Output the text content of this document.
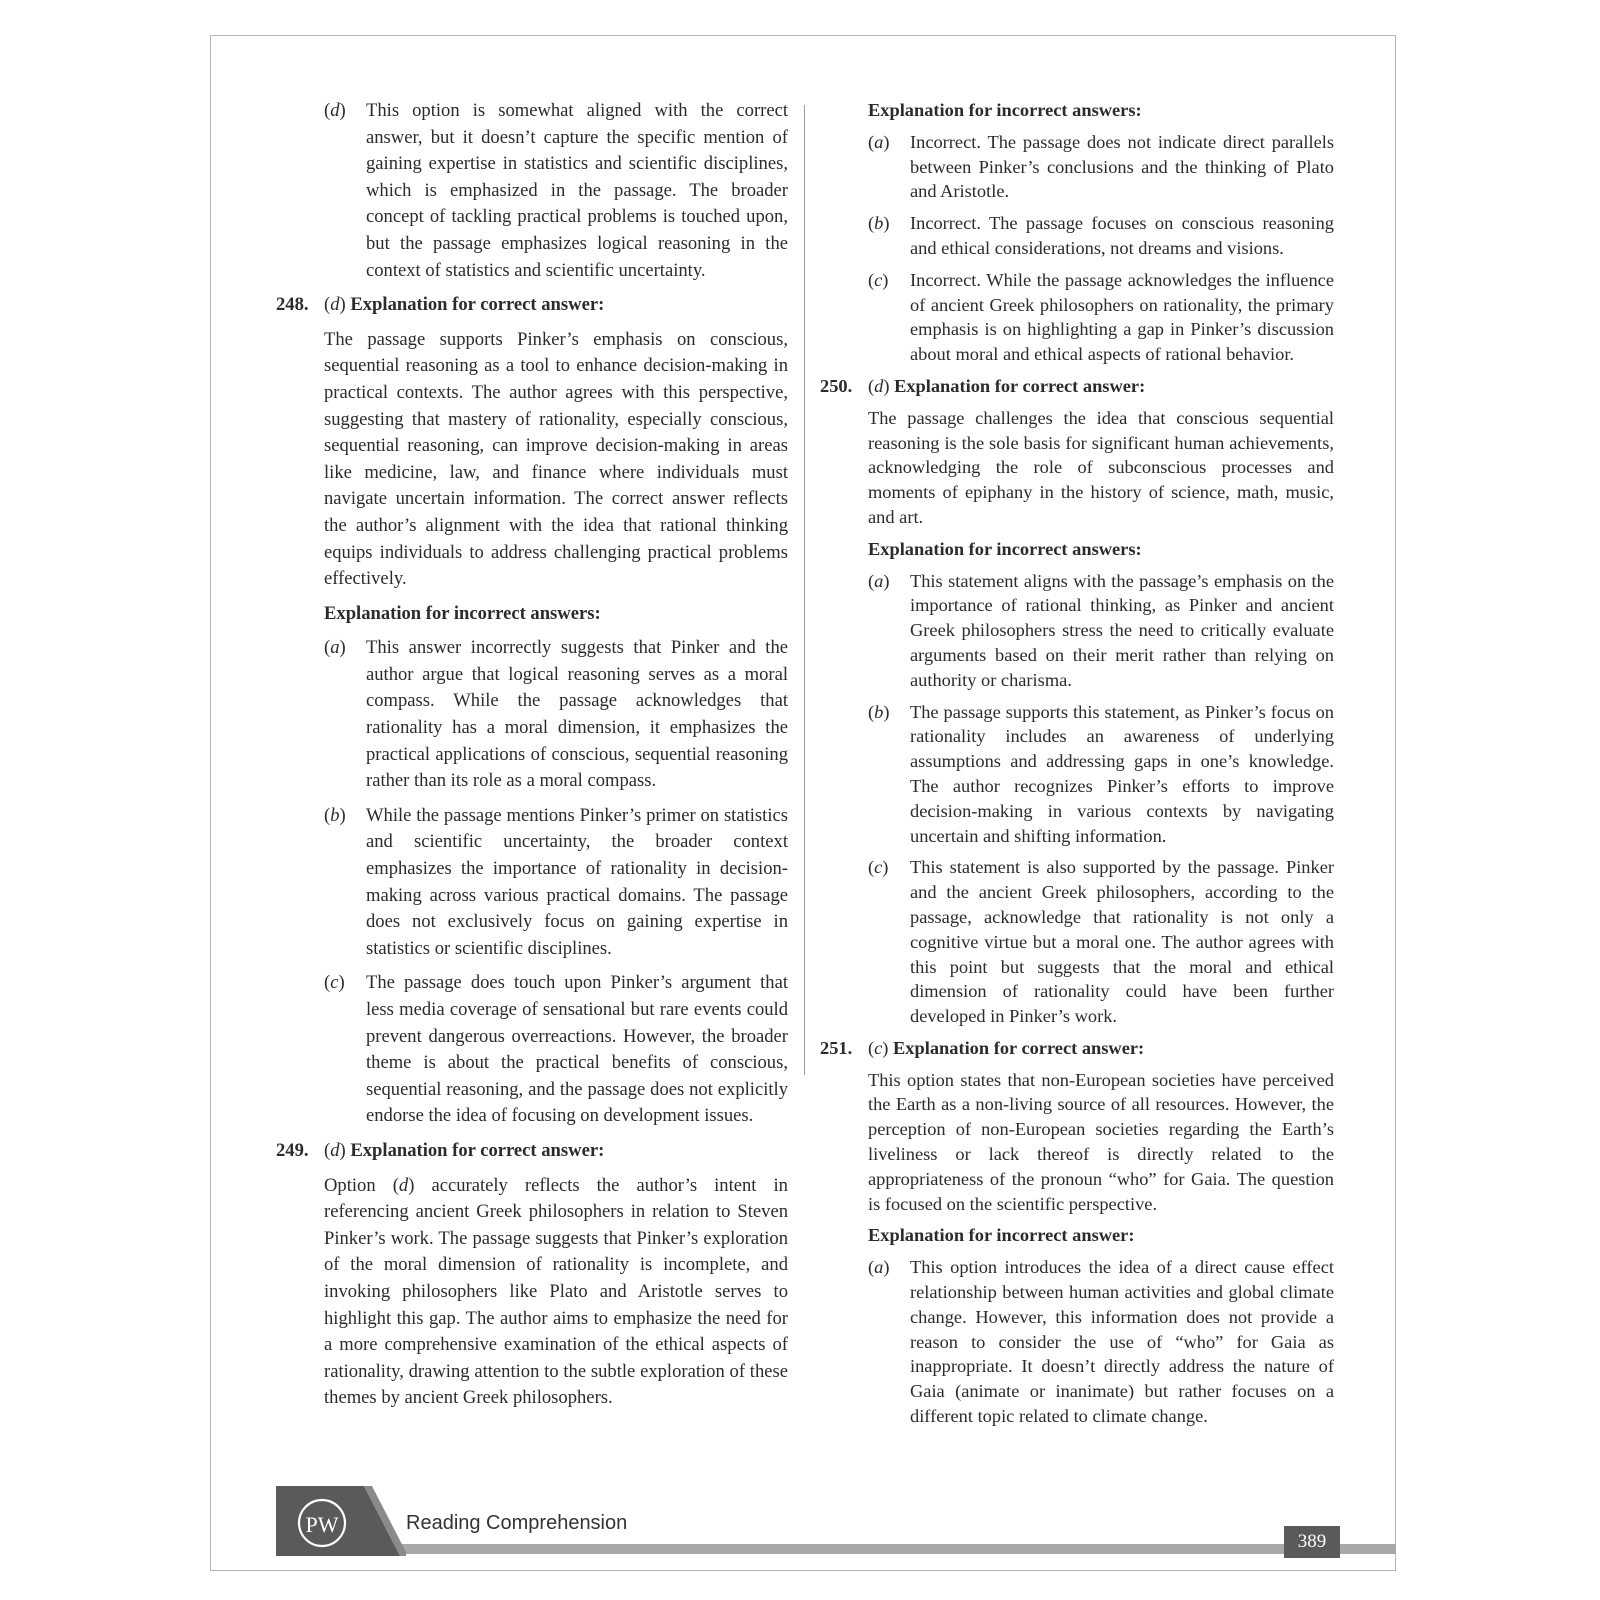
(d)	This option is somewhat aligned with the correct answer, but it doesn’t capture the specific mention of gaining expertise in statistics and scientific disciplines, which is emphasized in the passage. The broader concept of tackling practical problems is touched upon, but the passage emphasizes logical reasoning in the context of statistics and scientific uncertainty.
248. (d) Explanation for correct answer:

The passage supports Pinker’s emphasis on conscious, sequential reasoning as a tool to enhance decision-making in practical contexts. The author agrees with this perspective, suggesting that mastery of rationality, especially conscious, sequential reasoning, can improve decision-making in areas like medicine, law, and finance where individuals must navigate uncertain information. The correct answer reflects the author’s alignment with the idea that rational thinking equips individuals to address challenging practical problems effectively.

Explanation for incorrect answers:

(a)	This answer incorrectly suggests that Pinker and the author argue that logical reasoning serves as a moral compass. While the passage acknowledges that rationality has a moral dimension, it emphasizes the practical applications of conscious, sequential reasoning rather than its role as a moral compass.
(b)	While the passage mentions Pinker’s primer on statistics and scientific uncertainty, the broader context emphasizes the importance of rationality in decision-making across various practical domains. The passage does not exclusively focus on gaining expertise in statistics or scientific disciplines.
(c)	The passage does touch upon Pinker’s argument that less media coverage of sensational but rare events could prevent dangerous overreactions. However, the broader theme is about the practical benefits of conscious, sequential reasoning, and the passage does not explicitly endorse the idea of focusing on development issues.
249. (d) Explanation for correct answer:

Option (d) accurately reflects the author’s intent in referencing ancient Greek philosophers in relation to Steven Pinker’s work. The passage suggests that Pinker’s exploration of the moral dimension of rationality is incomplete, and invoking philosophers like Plato and Aristotle serves to highlight this gap. The author aims to emphasize the need for a more comprehensive examination of the ethical aspects of rationality, drawing attention to the subtle exploration of these themes by ancient Greek philosophers.

Explanation for incorrect answers:

(a)	Incorrect. The passage does not indicate direct parallels between Pinker’s conclusions and the thinking of Plato and Aristotle.
(b)	Incorrect. The passage focuses on conscious reasoning and ethical considerations, not dreams and visions.
(c)	Incorrect. While the passage acknowledges the influence of ancient Greek philosophers on rationality, the primary emphasis is on highlighting a gap in Pinker’s discussion about moral and ethical aspects of rational behavior.
250. (d) Explanation for correct answer:

The passage challenges the idea that conscious sequential reasoning is the sole basis for significant human achievements, acknowledging the role of subconscious processes and moments of epiphany in the history of science, math, music, and art.

Explanation for incorrect answers:

(a)	This statement aligns with the passage’s emphasis on the importance of rational thinking, as Pinker and ancient Greek philosophers stress the need to critically evaluate arguments based on their merit rather than relying on authority or charisma.
(b)	The passage supports this statement, as Pinker’s focus on rationality includes an awareness of underlying assumptions and addressing gaps in one’s knowledge. The author recognizes Pinker’s efforts to improve decision-making in various contexts by navigating uncertain and shifting information.
(c)	This statement is also supported by the passage. Pinker and the ancient Greek philosophers, according to the passage, acknowledge that rationality is not only a cognitive virtue but a moral one. The author agrees with this point but suggests that the moral and ethical dimension of rationality could have been further developed in Pinker’s work.
251. (c) Explanation for correct answer:

This option states that non-European societies have perceived the Earth as a non-living source of all resources. However, the perception of non-European societies regarding the Earth’s liveliness or lack thereof is directly related to the appropriateness of the pronoun “who” for Gaia. The question is focused on the scientific perspective.

Explanation for incorrect answer:

(a)	This option introduces the idea of a direct cause effect relationship between human activities and global climate change. However, this information does not provide a reason to consider the use of “who” for Gaia as inappropriate. It doesn’t directly address the nature of Gaia (animate or inanimate) but rather focuses on a different topic related to climate change.
PW	Reading Comprehension
389
